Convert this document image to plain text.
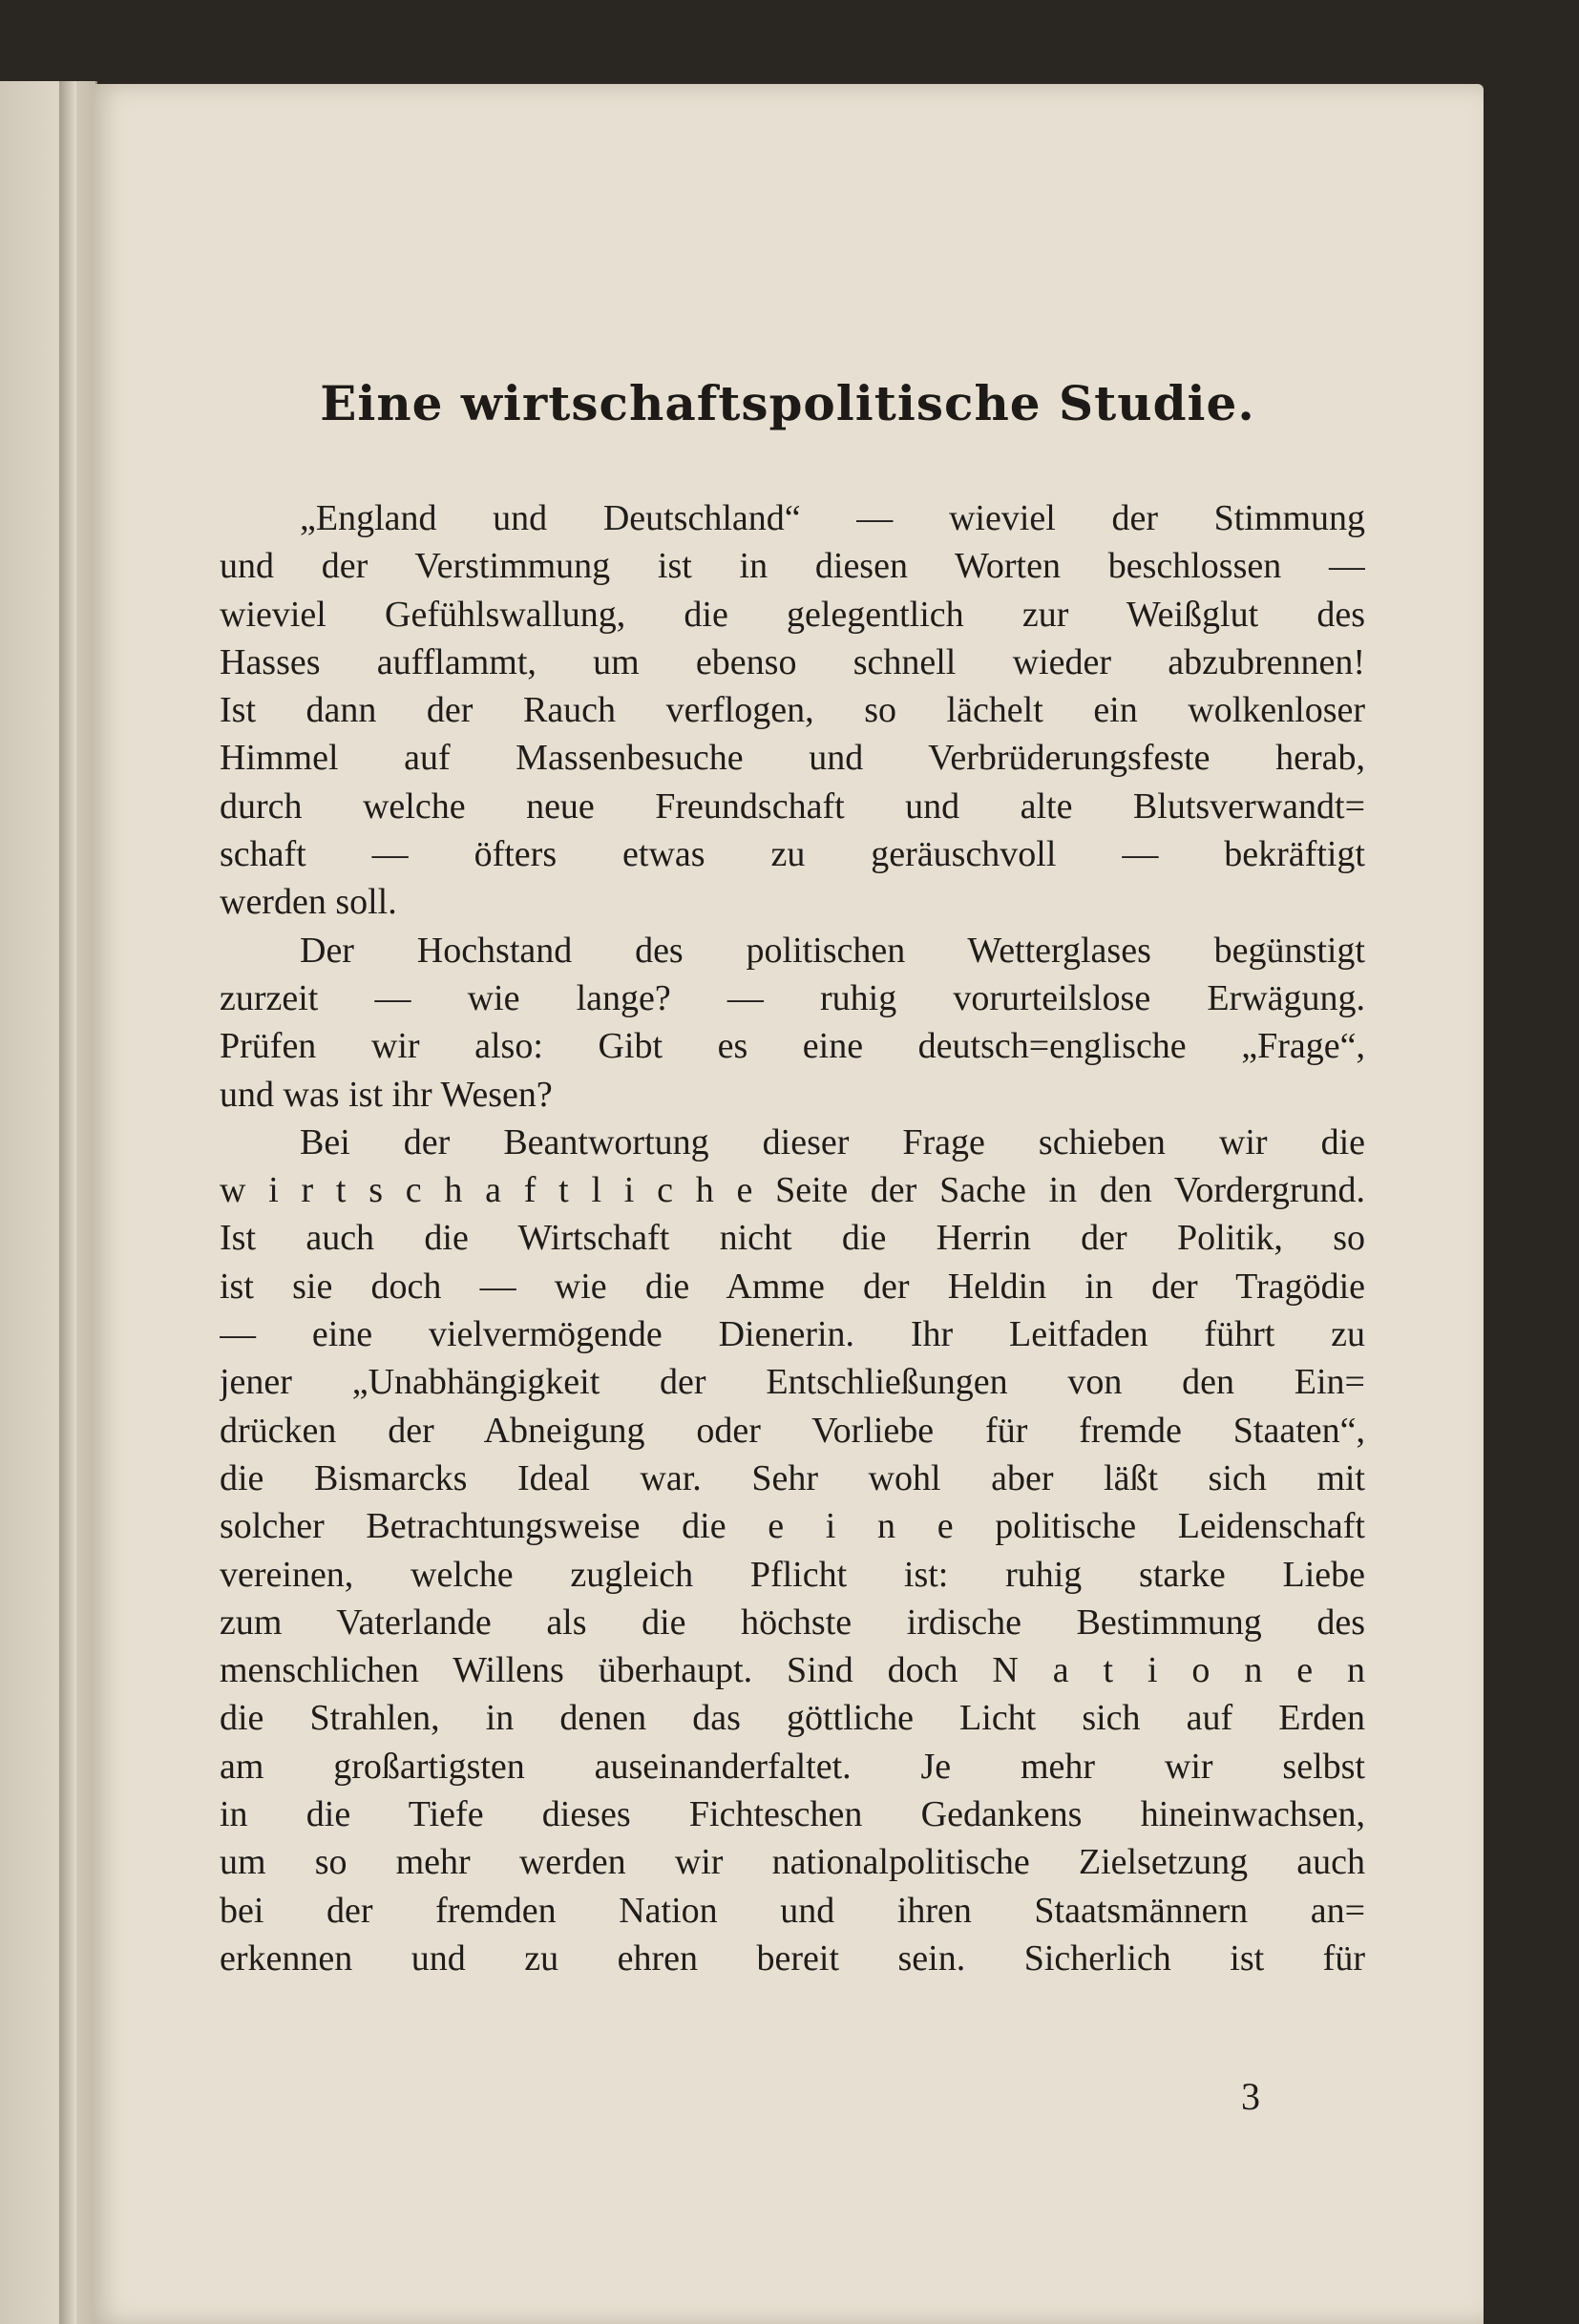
Eine wirtschaftspolitische Studie.
„England und Deutschland“ — wieviel der Stimmung
und der Verstimmung ist in diesen Worten beschlossen —
wieviel Gefühlswallung, die gelegentlich zur Weißglut des
Hasses aufflammt, um ebenso schnell wieder abzubrennen!
Ist dann der Rauch verflogen, so lächelt ein wolkenloser
Himmel auf Massenbesuche und Verbrüderungsfeste herab,
durch welche neue Freundschaft und alte Blutsverwandt=
schaft — öfters etwas zu geräuschvoll — bekräftigt
werden soll.
Der Hochstand des politischen Wetterglases begünstigt
zurzeit — wie lange? — ruhig vorurteilslose Erwägung.
Prüfen wir also: Gibt es eine deutsch=englische „Frage“,
und was ist ihr Wesen?
Bei der Beantwortung dieser Frage schieben wir die
w i r t s c h a f t l i c h e Seite der Sache in den Vordergrund.
Ist auch die Wirtschaft nicht die Herrin der Politik, so
ist sie doch — wie die Amme der Heldin in der Tragödie
— eine vielvermögende Dienerin. Ihr Leitfaden führt zu
jener „Unabhängigkeit der Entschließungen von den Ein=
drücken der Abneigung oder Vorliebe für fremde Staaten“,
die Bismarcks Ideal war. Sehr wohl aber läßt sich mit
solcher Betrachtungsweise die e i n e politische Leidenschaft
vereinen, welche zugleich Pflicht ist: ruhig starke Liebe
zum Vaterlande als die höchste irdische Bestimmung des
menschlichen Willens überhaupt. Sind doch N a t i o n e n
die Strahlen, in denen das göttliche Licht sich auf Erden
am großartigsten auseinanderfaltet. Je mehr wir selbst
in die Tiefe dieses Fichteschen Gedankens hineinwachsen,
um so mehr werden wir nationalpolitische Zielsetzung auch
bei der fremden Nation und ihren Staatsmännern an=
erkennen und zu ehren bereit sein. Sicherlich ist für

3
